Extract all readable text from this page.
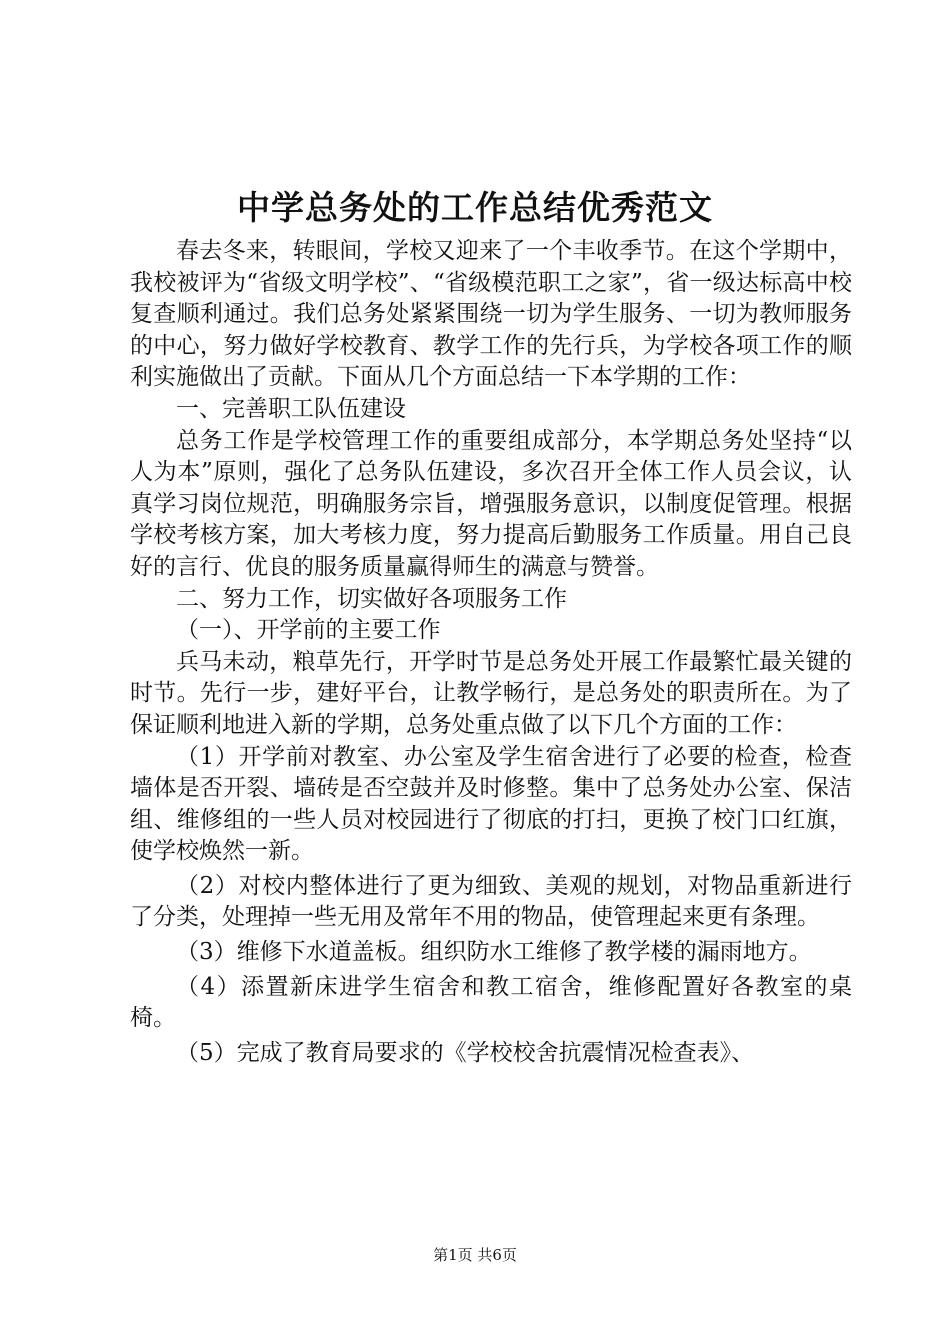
中学总务处的工作总结优秀范文

春去冬来，转眼间，学校又迎来了一个丰收季节。在这个学期中，我校被评为“省级文明学校”、“省级模范职工之家”，省一级达标高中校复查顺利通过。我们总务处紧紧围绕一切为学生服务、一切为教师服务的中心，努力做好学校教育、教学工作的先行兵，为学校各项工作的顺利实施做出了贡献。下面从几个方面总结一下本学期的工作：

一、完善职工队伍建设

总务工作是学校管理工作的重要组成部分，本学期总务处坚持“以人为本”原则，强化了总务队伍建设，多次召开全体工作人员会议，认真学习岗位规范，明确服务宗旨，增强服务意识，以制度促管理。根据学校考核方案，加大考核力度，努力提高后勤服务工作质量。用自己良好的言行、优良的服务质量赢得师生的满意与赞誉。

二、努力工作，切实做好各项服务工作

（一）、开学前的主要工作

兵马未动，粮草先行，开学时节是总务处开展工作最繁忙最关键的时节。先行一步，建好平台，让教学畅行，是总务处的职责所在。为了保证顺利地进入新的学期，总务处重点做了以下几个方面的工作：

（1）开学前对教室、办公室及学生宿舍进行了必要的检查，检查墙体是否开裂、墙砖是否空鼓并及时修整。集中了总务处办公室、保洁组、维修组的一些人员对校园进行了彻底的打扫，更换了校门口红旗，使学校焕然一新。

（2）对校内整体进行了更为细致、美观的规划，对物品重新进行了分类，处理掉一些无用及常年不用的物品，使管理起来更有条理。

（3）维修下水道盖板。组织防水工维修了教学楼的漏雨地方。

（4）添置新床进学生宿舍和教工宿舍，维修配置好各教室的桌椅。

（5）完成了教育局要求的《学校校舍抗震情况检查表》、

第1页 共6页
